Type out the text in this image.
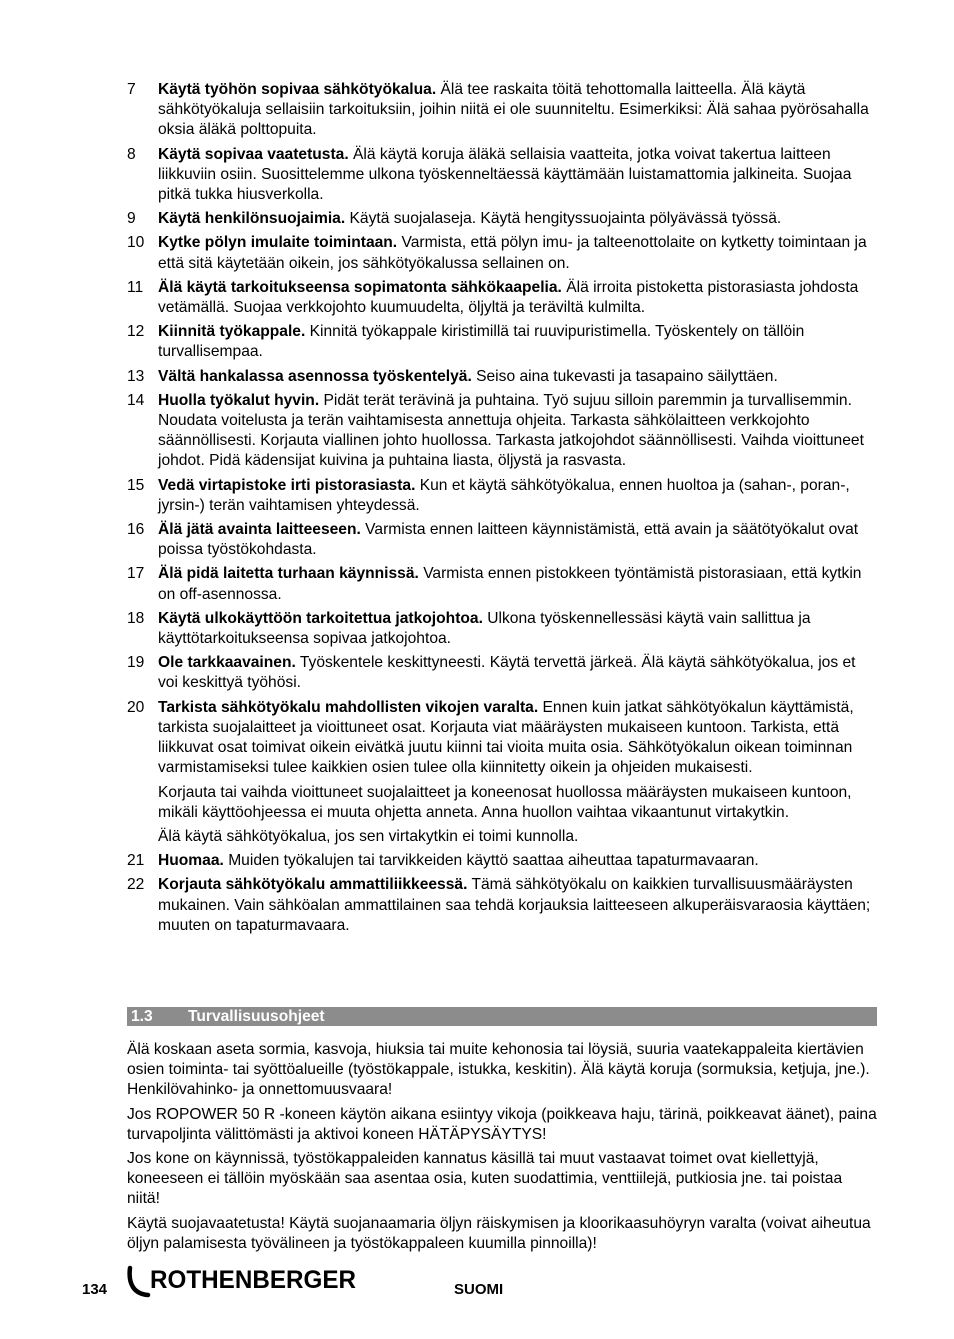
7 Käytä työhön sopivaa sähkötyökalua. Älä tee raskaita töitä tehottomalla laitteella. Älä käytä sähkötyökaluja sellaisiin tarkoituksiin, joihin niitä ei ole suunniteltu. Esimerkiksi: Älä sahaa pyörösahalla oksia äläkä polttopuita.
8 Käytä sopivaa vaatetusta. Älä käytä koruja äläkä sellaisia vaatteita, jotka voivat takertua laitteen liikkuviin osiin. Suosittelemme ulkona työskenneltäessä käyttämään luistamattomia jalkineita. Suojaa pitkä tukka hiusverkolla.
9 Käytä henkilönsuojaimia. Käytä suojalaseja. Käytä hengityssuojainta pölyävässä työssä.
10 Kytke pölyn imulaite toimintaan. Varmista, että pölyn imu- ja talteenottolaite on kytketty toimintaan ja että sitä käytetään oikein, jos sähkötyökalussa sellainen on.
11 Älä käytä tarkoitukseensa sopimatonta sähkökaapelia. Älä irroita pistoketta pistorasiasta johdosta vetämällä. Suojaa verkkojohto kuumuudelta, öljyltä ja teräviltä kulmilta.
12 Kiinnitä työkappale. Kinnitä työkappale kiristimillä tai ruuvipuristimella. Työskentely on tällöin turvallisempaa.
13 Vältä hankalassa asennossa työskentelyä. Seiso aina tukevasti ja tasapaino säilyttäen.
14 Huolla työkalut hyvin. Pidät terät terävinä ja puhtaina. Työ sujuu silloin paremmin ja turvallisemmin. Noudata voitelusta ja terän vaihtamisesta annettuja ohjeita. Tarkasta sähkölaitteen verkkojohto säännöllisesti. Korjauta viallinen johto huollossa. Tarkasta jatkojohdot säännöllisesti. Vaihda vioittuneet johdot. Pidä kädensijat kuivina ja puhtaina liasta, öljystä ja rasvasta.
15 Vedä virtapistoke irti pistorasiasta. Kun et käytä sähkötyökalua, ennen huoltoa ja (sahan-, poran-, jyrsin-) terän vaihtamisen yhteydessä.
16 Älä jätä avainta laitteeseen. Varmista ennen laitteen käynnistämistä, että avain ja säätötyökalut ovat poissa työstökohdasta.
17 Älä pidä laitetta turhaan käynnissä. Varmista ennen pistokkeen työntämistä pistorasiaan, että kytkin on off-asennossa.
18 Käytä ulkokäyttöön tarkoitettua jatkojohtoa. Ulkona työskennellessäsi käytä vain sallittua ja käyttötarkoitukseensa sopivaa jatkojohtoa.
19 Ole tarkkaavainen. Työskentele keskittyneesti. Käytä tervettä järkeä. Älä käytä sähkötyökalua, jos et voi keskittyä työhösi.
20 Tarkista sähkötyökalu mahdollisten vikojen varalta. Ennen kuin jatkat sähkötyökalun käyttämistä, tarkista suojalaitteet ja vioittuneet osat. Korjauta viat määräysten mukaiseen kuntoon. Tarkista, että liikkuvat osat toimivat oikein eivätkä juutu kiinni tai vioita muita osia. Sähkötyökalun oikean toiminnan varmistamiseksi tulee kaikkien osien tulee olla kiinnitetty oikein ja ohjeiden mukaisesti.
Korjauta tai vaihda vioittuneet suojalaitteet ja koneenosat huollossa määräysten mukaiseen kuntoon, mikäli käyttöohjeessa ei muuta ohjetta anneta. Anna huollon vaihtaa vikaantunut virtakytkin.
Älä käytä sähkötyökalua, jos sen virtakytkin ei toimi kunnolla.
21 Huomaa. Muiden työkalujen tai tarvikkeiden käyttö saattaa aiheuttaa tapaturmavaaran.
22 Korjauta sähkötyökalu ammattiliikkeessä. Tämä sähkötyökalu on kaikkien turvallisuusmääräysten mukainen. Vain sähköalan ammattilainen saa tehdä korjauksia laitteeseen alkuperäisvaraosia käyttäen; muuten on tapaturmavaara.
1.3 Turvallisuusohjeet

Älä koskaan aseta sormia, kasvoja, hiuksia tai muite kehonosia tai löysiä, suuria vaatekappaleita kiertävien osien toiminta- tai syöttöalueille (työstökappale, istukka, keskitin). Älä käytä koruja (sormuksia, ketjuja, jne.). Henkilövahinko- ja onnettomuusvaara!

Jos ROPOWER 50 R -koneen käytön aikana esiintyy vikoja (poikkeava haju, tärinä, poikkeavat äänet), paina turvapoljinta välittömästi ja aktivoi koneen HÄTÄPYSÄYTYS!

Jos kone on käynnissä, työstökappaleiden kannatus käsillä tai muut vastaavat toimet ovat kiellettyjä, koneeseen ei tällöin myöskään saa asentaa osia, kuten suodattimia, venttiilejä, putkiosia jne. tai poistaa niitä!

Käytä suojavaatetusta! Käytä suojanaamaria öljyn räiskymisen ja kloorikaasuhöyryn varalta (voivat aiheutua öljyn palamisesta työvälineen ja työstökappaleen kuumilla pinnoilla)!

134 ROTHENBERGER	SUOMI
